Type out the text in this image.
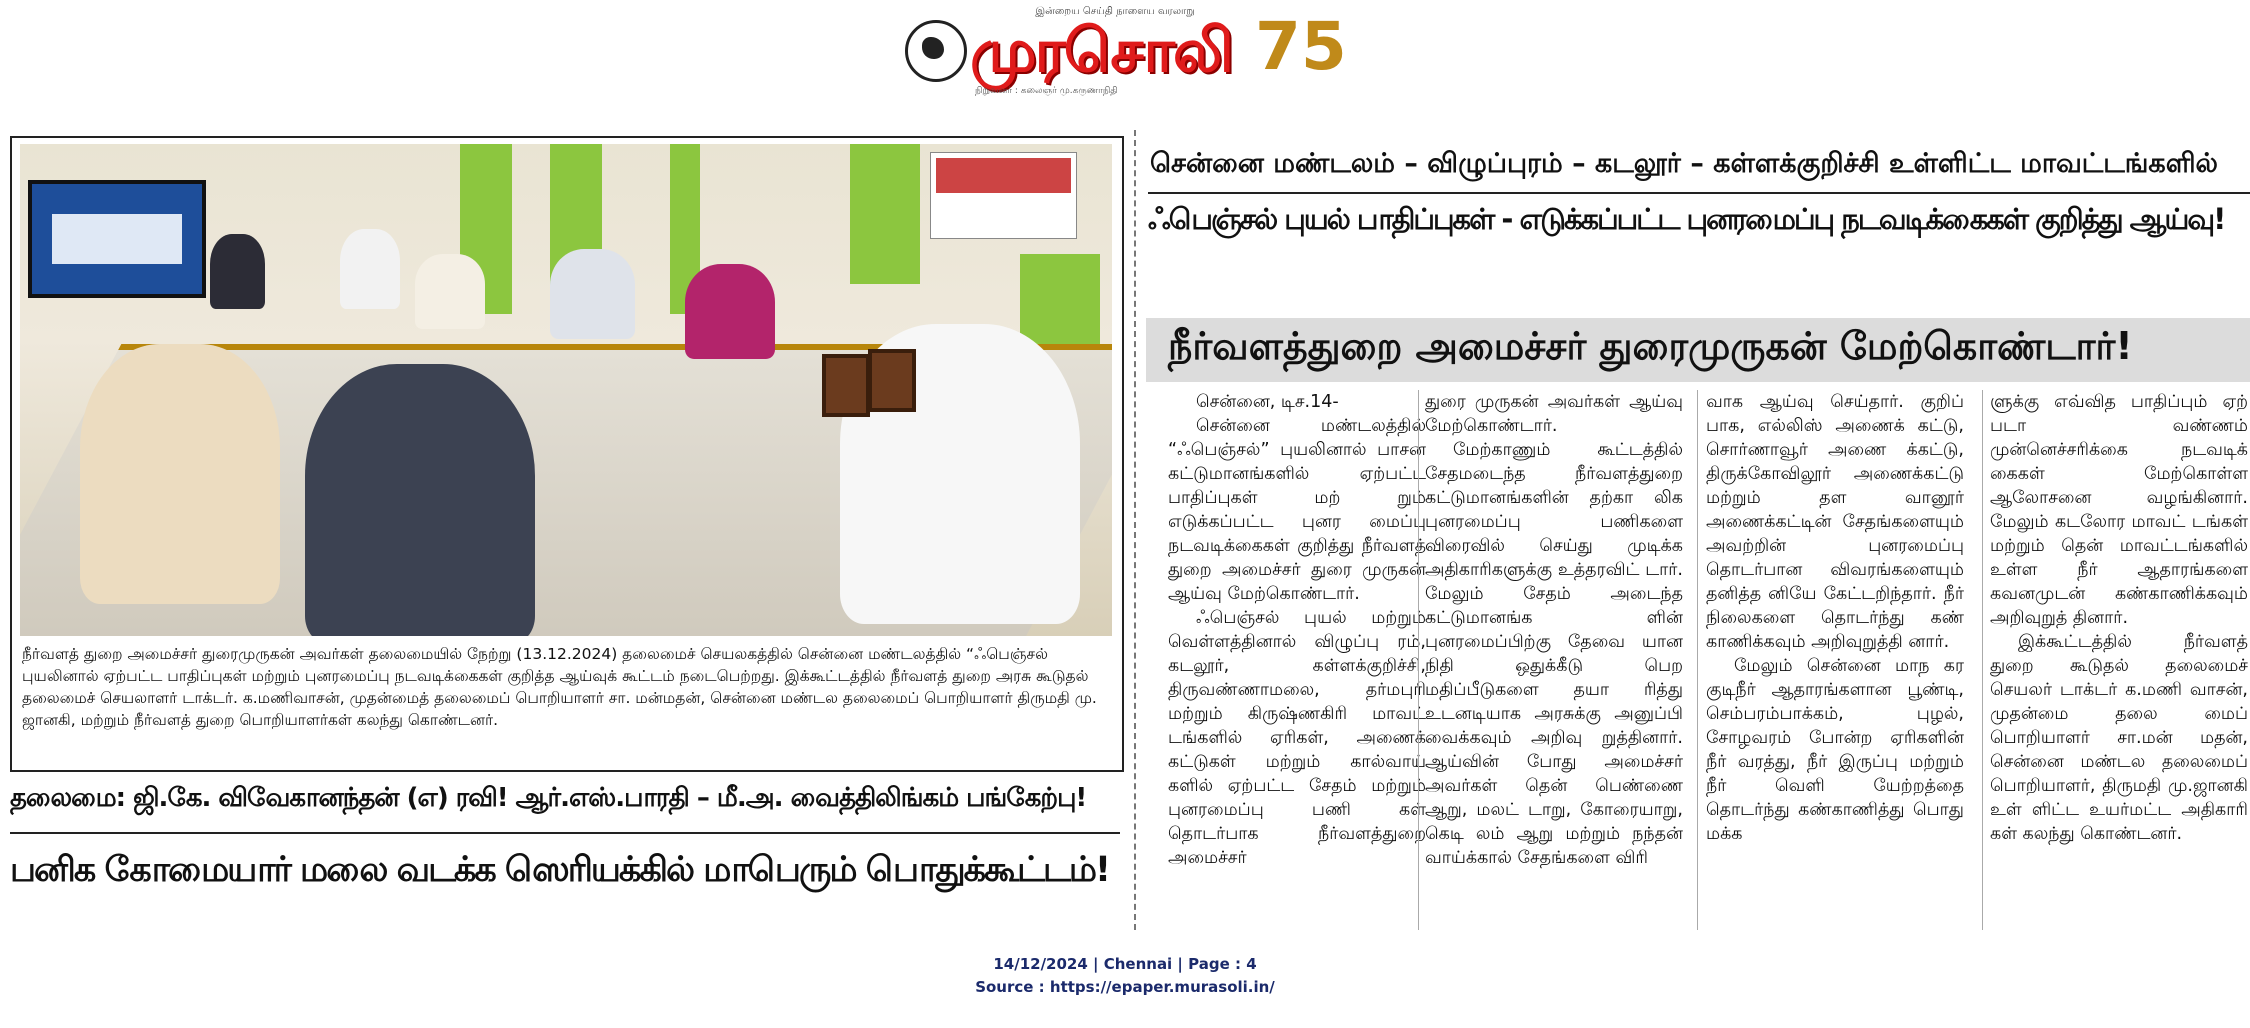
இன்றைய செய்தி நாளைய வரலாறு
முரசொலி 75
நிறுவனர் : கலைஞர் மு.கருணாநிதி
நீர்வளத் துறை அமைச்சர் துரைமுருகன் அவர்கள் தலைமையில் நேற்று (13.12.2024) தலைமைச் செயலகத்தில் சென்னை மண்டலத்தில் “ஃபெஞ்சல் புயலினால் ஏற்பட்ட பாதிப்புகள் மற்றும் புனரமைப்பு நடவடிக்கைகள் குறித்த ஆய்வுக் கூட்டம் நடைபெற்றது. இக்கூட்டத்தில் நீர்வளத் துறை அரசு கூடுதல் தலைமைச் செயலாளர் டாக்டர். க.மணிவாசன், முதன்மைத் தலைமைப் பொறியாளர் சா. மன்மதன், சென்னை மண்டல தலைமைப் பொறியாளர் திருமதி மு. ஜானகி, மற்றும் நீர்வளத் துறை பொறியாளர்கள் கலந்து கொண்டனர்.
தலைமை: ஜி.கே. விவேகானந்தன் (எ) ரவி! ஆர்.எஸ்.பாரதி – மீ.அ. வைத்திலிங்கம் பங்கேற்பு!
பனிக கோமையார் மலை வடக்க ஸெரியக்கில் மாபெரும் பொதுக்கூட்டம்!
சென்னை மண்டலம் – விழுப்புரம் – கடலூர் – கள்ளக்குறிச்சி உள்ளிட்ட மாவட்டங்களில்
ஃபெஞ்சல் புயல் பாதிப்புகள் - எடுக்கப்பட்ட புனரமைப்பு நடவடிக்கைகள் குறித்து ஆய்வு!
நீர்வளத்துறை அமைச்சர் துரைமுருகன் மேற்கொண்டார்!

சென்னை, டிச.14-

சென்னை மண்டலத்தில் “ஃபெஞ்சல்” புயலினால் பாசன கட்டுமானங்களில் ஏற்பட்ட பாதிப்புகள் மற் றும் எடுக்கப்பட்ட புனர மைப்பு நடவடிக்கைகள் குறித்து நீர்வளத் துறை அமைச்சர் துரை முருகன் ஆய்வு மேற்கொண்டார்.

ஃபெஞ்சல் புயல் மற்றும் வெள்ளத்தினால் விழுப்பு ரம், கடலூர், கள்ளக்குறிச்சி, திருவண்ணாமலை, தர்மபுரி மற்றும் கிருஷ்ணகிரி மாவட் டங்களில் ஏரிகள், அணைக் கட்டுகள் மற்றும் கால்வாய் களில் ஏற்பட்ட சேதம் மற்றும் புனரமைப்பு பணி கள் தொடர்பாக நீர்வளத்துறை அமைச்சர்

துரை முருகன் அவர்கள் ஆய்வு மேற்கொண்டார்.

மேற்காணும் கூட்டத்தில் சேதமடைந்த நீர்வளத்துறை கட்டுமானங்களின் தற்கா லிக புனரமைப்பு பணிகளை விரைவில் செய்து முடிக்க அதிகாரிகளுக்கு உத்தரவிட் டார். மேலும் சேதம் அடைந்த கட்டுமானங்க ளின் புனரமைப்பிற்கு தேவை யான நிதி ஒதுக்கீடு பெற மதிப்பீடுகளை தயா ரித்து உடனடியாக அரசுக்கு அனுப்பி வைக்கவும் அறிவு றுத்தினார். ஆய்வின் போது அமைச்சர் அவர்கள் தென் பெண்ணை ஆறு, மலட் டாறு, கோரையாறு, கெடி லம் ஆறு மற்றும் நந்தன் வாய்க்கால் சேதங்களை விரி

வாக ஆய்வு செய்தார். குறிப் பாக, எல்லிஸ் அணைக் கட்டு, சொர்ணாவூர் அணை க்கட்டு, திருக்கோவிலூர் அணைக்கட்டு மற்றும் தள வானூர் அணைக்கட்டின் சேதங்களையும் அவற்றின் புனரமைப்பு தொடர்பான விவரங்களையும் தனித்த னியே கேட்டறிந்தார். நீர் நிலைகளை தொடர்ந்து கண் காணிக்கவும் அறிவுறுத்தி னார்.

மேலும் சென்னை மாந கர குடிநீர் ஆதாரங்களான பூண்டி, செம்பரம்பாக்கம், புழல், சோழவரம் போன்ற ஏரிகளின் நீர் வரத்து, நீர் இருப்பு மற்றும் நீர் வெளி யேற்றத்தை தொடர்ந்து கண்காணித்து பொது மக்க

ளுக்கு எவ்வித பாதிப்பும் ஏற் படா வண்ணம் முன்னெச்சரிக்கை நடவடிக் கைகள் மேற்கொள்ள ஆலோசனை வழங்கினார். மேலும் கடலோர மாவட் டங்கள் மற்றும் தென் மாவட்டங்களில் உள்ள நீர் ஆதாரங்களை கவனமுடன் கண்காணிக்கவும் அறிவுறுத் தினார்.

இக்கூட்டத்தில் நீர்வளத் துறை கூடுதல் தலைமைச் செயலர் டாக்டர் க.மணி வாசன், முதன்மை தலை மைப் பொறியாளர் சா.மன் மதன், சென்னை மண்டல தலைமைப் பொறியாளர், திருமதி மு.ஜானகி உள் ளிட்ட உயர்மட்ட அதிகாரி கள் கலந்து கொண்டனர்.

14/12/2024 | Chennai | Page : 4
Source : https://epaper.murasoli.in/
